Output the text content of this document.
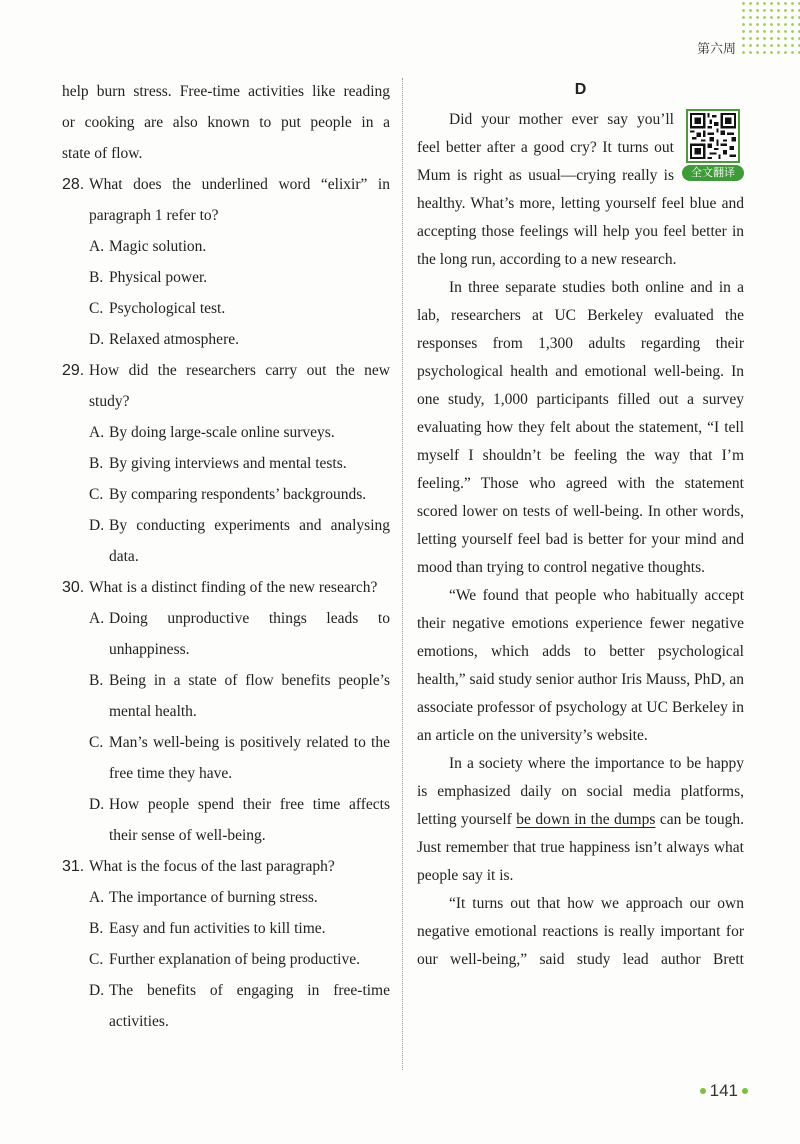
第六周

help burn stress. Free-time activities like reading

or cooking are also known to put people in a

state of flow.

28. What does the underlined word “elixir” in paragraph 1 refer to?

A. Magic solution.

B. Physical power.

C. Psychological test.

D. Relaxed atmosphere.

29. How did the researchers carry out the new study?

A. By doing large-scale online surveys.

B. By giving interviews and mental tests.

C. By comparing respondents’ backgrounds.

D. By conducting experiments and analysing data.

30. What is a distinct finding of the new research?

A. Doing unproductive things leads to unhappiness.

B. Being in a state of flow benefits people’s mental health.

C. Man’s well-being is positively related to the free time they have.

D. How people spend their free time affects their sense of well-being.

31. What is the focus of the last paragraph?

A. The importance of burning stress.

B. Easy and fun activities to kill time.

C. Further explanation of being productive.

D. The benefits of engaging in free-time activities.

D
全文翻译

Did your mother ever say you’ll feel better after a good cry? It turns out Mum is right as usual—crying really is healthy. What’s more, letting yourself feel blue and accepting those feelings will help you feel better in the long run, according to a new research.

In three separate studies both online and in a lab, researchers at UC Berkeley evaluated the responses from 1,300 adults regarding their psychological health and emotional well-being. In one study, 1,000 participants filled out a survey evaluating how they felt about the statement, “I tell myself I shouldn’t be feeling the way that I’m feeling.” Those who agreed with the statement scored lower on tests of well-being. In other words, letting yourself feel bad is better for your mind and mood than trying to control negative thoughts.

“We found that people who habitually accept their negative emotions experience fewer negative emotions, which adds to better psychological health,” said study senior author Iris Mauss, PhD, an associate professor of psychology at UC Berkeley in an article on the university’s website.

In a society where the importance to be happy is emphasized daily on social media platforms, letting yourself be down in the dumps can be tough. Just remember that true happiness isn’t always what people say it is.

“It turns out that how we approach our own negative emotional reactions is really important for our well-being,” said study lead author Brett

141
